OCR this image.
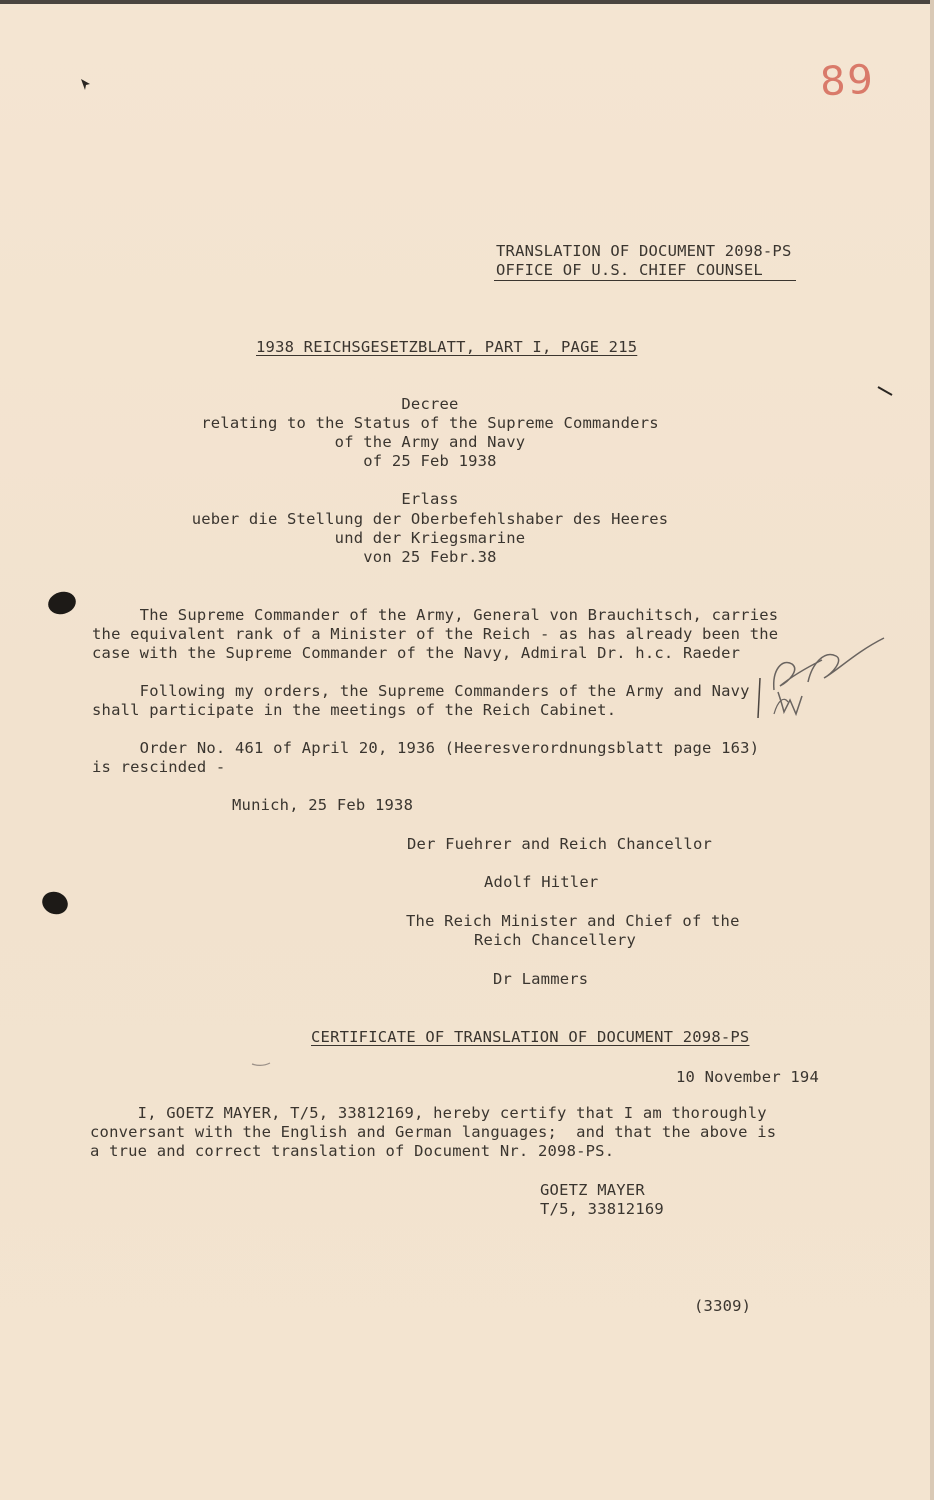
89
TRANSLATION OF DOCUMENT 2098-PS
OFFICE OF U.S. CHIEF COUNSEL
1938 REICHSGESETZBLATT, PART I, PAGE 215
Decree
relating to the Status of the Supreme Commanders
of the Army and Navy
of 25 Feb 1938
Erlass
ueber die Stellung der Oberbefehlshaber des Heeres
und der Kriegsmarine
von 25 Febr.38
The Supreme Commander of the Army, General von Brauchitsch, carries
the equivalent rank of a Minister of the Reich - as has already been the
case with the Supreme Commander of the Navy, Admiral Dr. h.c. Raeder
Following my orders, the Supreme Commanders of the Army and Navy
shall participate in the meetings of the Reich Cabinet.
Order No. 461 of April 20, 1936 (Heeresverordnungsblatt page 163)
is rescinded -
Munich, 25 Feb 1938
Der Fuehrer and Reich Chancellor
Adolf Hitler
The Reich Minister and Chief of the
Reich Chancellery
Dr Lammers
CERTIFICATE OF TRANSLATION OF DOCUMENT 2098-PS
10 November 194
I, GOETZ MAYER, T/5, 33812169, hereby certify that I am thoroughly
conversant with the English and German languages;  and that the above is
a true and correct translation of Document Nr. 2098-PS.
GOETZ MAYER
T/5, 33812169
(3309)
